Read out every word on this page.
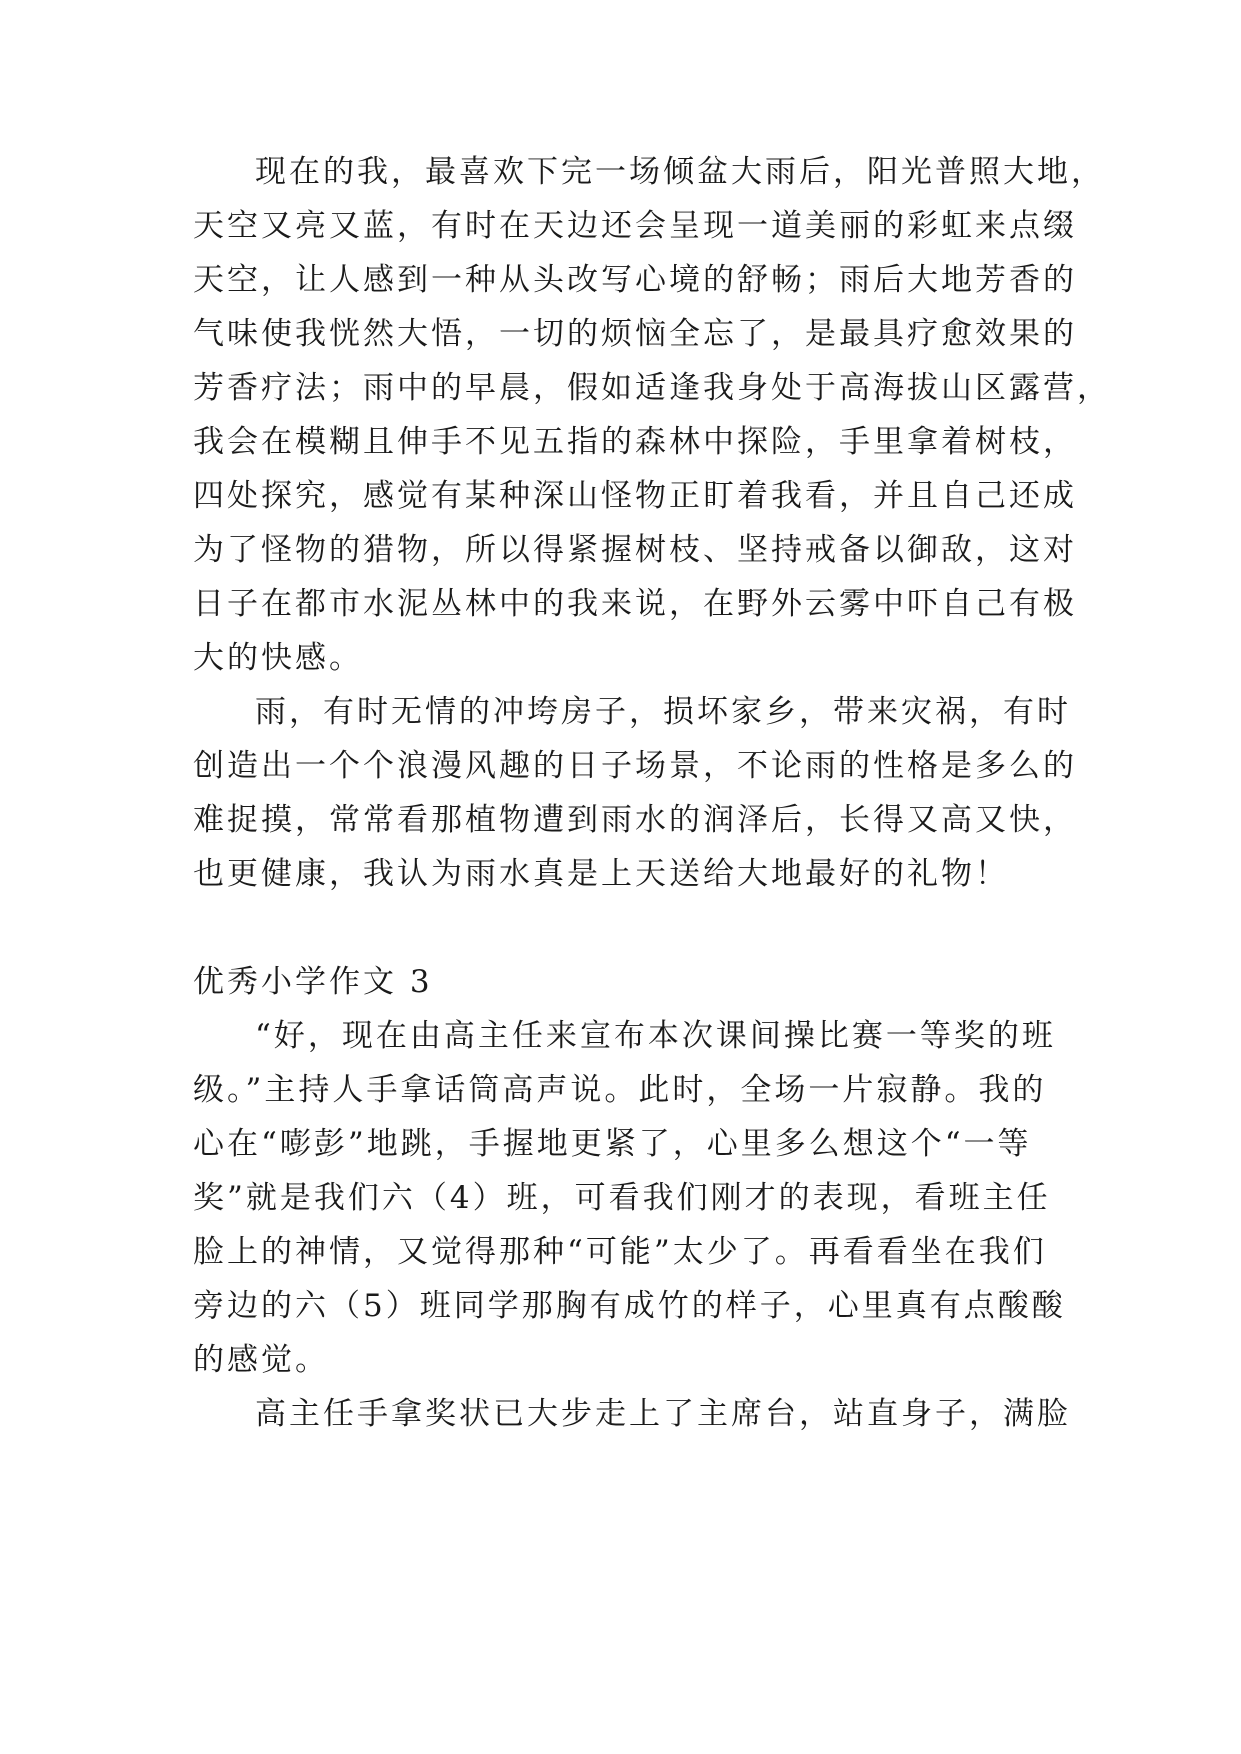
现在的我，最喜欢下完一场倾盆大雨后，阳光普照大地，
天空又亮又蓝，有时在天边还会呈现一道美丽的彩虹来点缀
天空，让人感到一种从头改写心境的舒畅；雨后大地芳香的
气味使我恍然大悟，一切的烦恼全忘了，是最具疗愈效果的
芳香疗法；雨中的早晨，假如适逢我身处于高海拔山区露营，
我会在模糊且伸手不见五指的森林中探险，手里拿着树枝，
四处探究，感觉有某种深山怪物正盯着我看，并且自己还成
为了怪物的猎物，所以得紧握树枝、坚持戒备以御敌，这对
日子在都市水泥丛林中的我来说，在野外云雾中吓自己有极
大的快感。
雨，有时无情的冲垮房子，损坏家乡，带来灾祸，有时
创造出一个个浪漫风趣的日子场景，不论雨的性格是多么的
难捉摸，常常看那植物遭到雨水的润泽后，长得又高又快，
也更健康，我认为雨水真是上天送给大地最好的礼物！
优秀小学作文 3
“好，现在由高主任来宣布本次课间操比赛一等奖的班
级。”主持人手拿话筒高声说。此时，全场一片寂静。我的
心在“嘭彭”地跳，手握地更紧了，心里多么想这个“一等
奖”就是我们六（4）班，可看我们刚才的表现，看班主任
脸上的神情，又觉得那种“可能”太少了。再看看坐在我们
旁边的六（5）班同学那胸有成竹的样子，心里真有点酸酸
的感觉。
高主任手拿奖状已大步走上了主席台，站直身子，满脸
